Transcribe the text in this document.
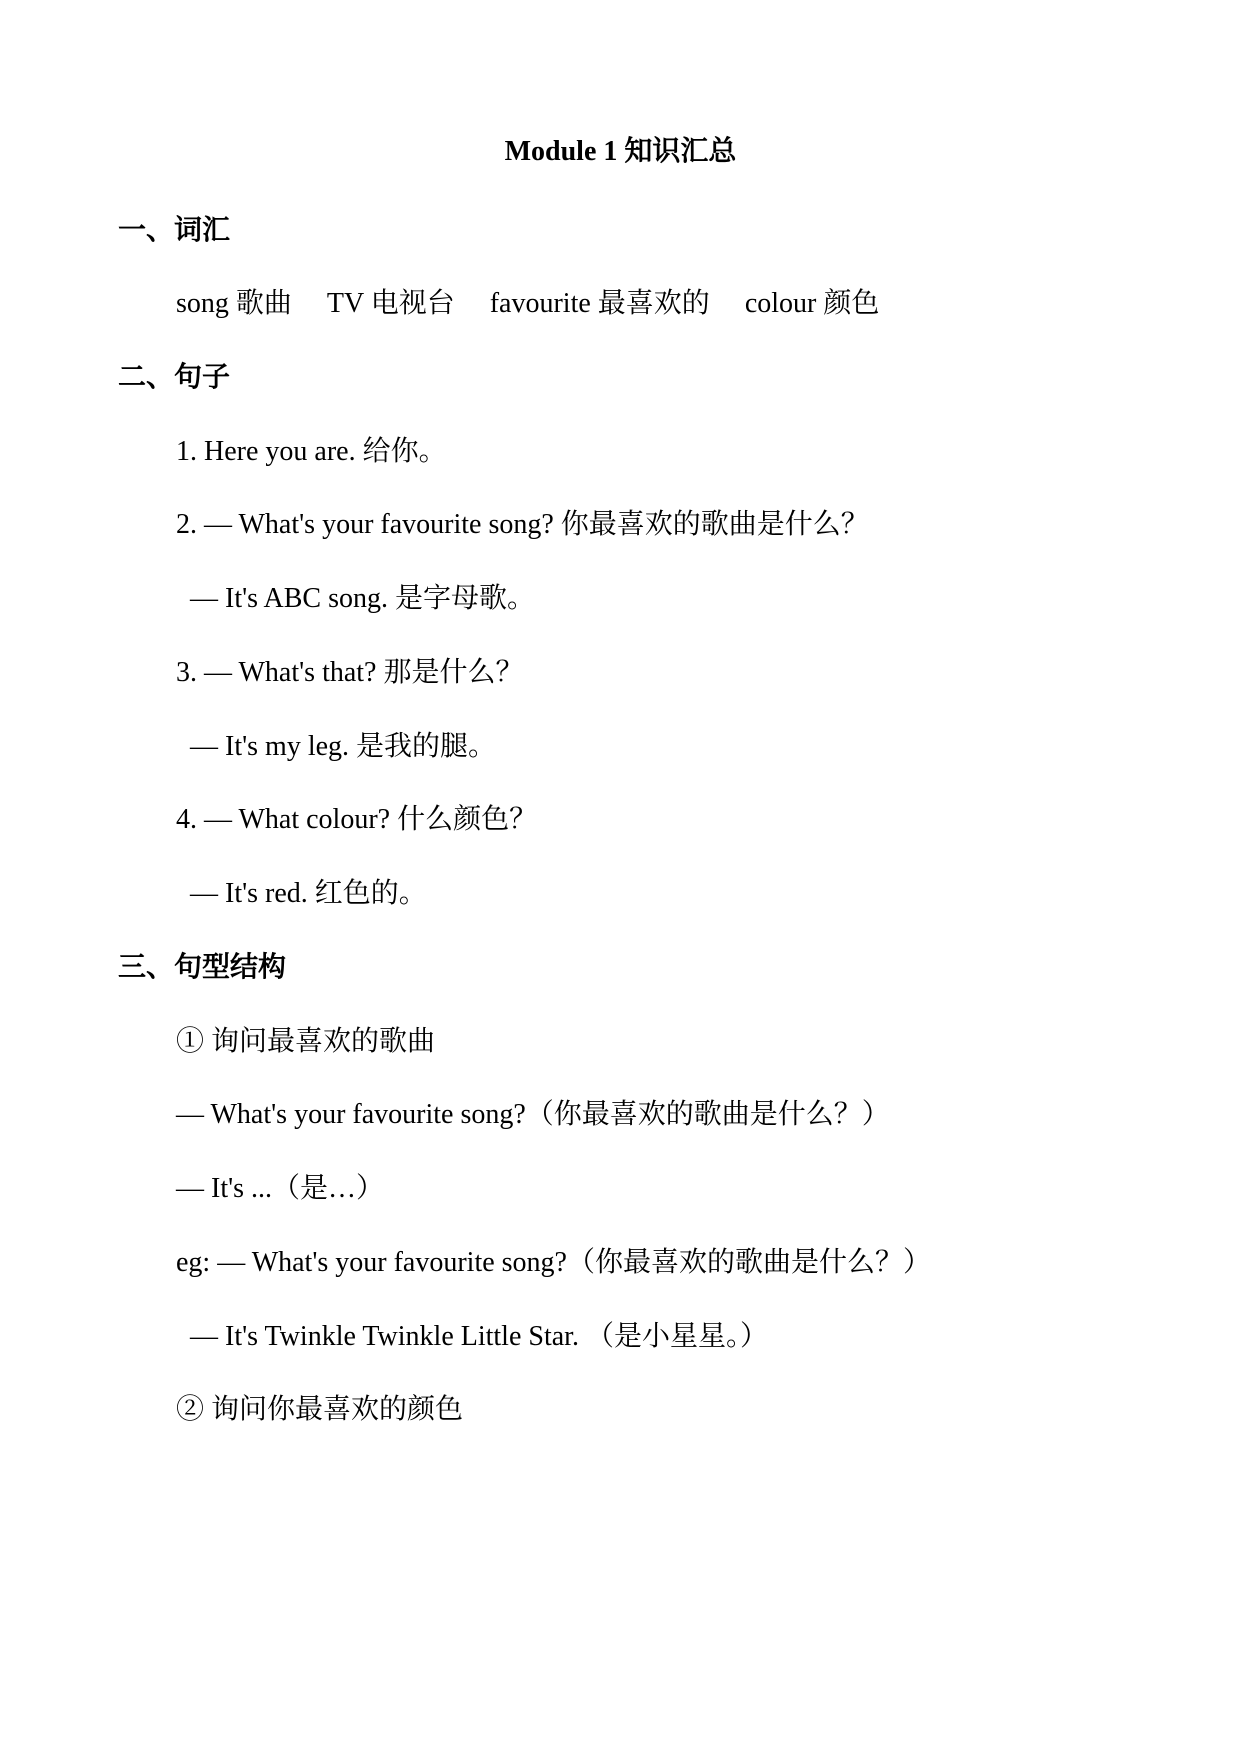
Module 1 知识汇总
一、词汇
song 歌曲 TV 电视台 favourite 最喜欢的 colour 颜色
二、句子
1. Here you are. 给你。
2. — What's your favourite song? 你最喜欢的歌曲是什么？
— It's ABC song. 是字母歌。
3. — What's that? 那是什么？
— It's my leg. 是我的腿。
4. — What colour? 什么颜色？
— It's red. 红色的。
三、句型结构
① 询问最喜欢的歌曲
— What's your favourite song?（你最喜欢的歌曲是什么？）
— It's ...（是…）
eg: — What's your favourite song?（你最喜欢的歌曲是什么？）
— It's Twinkle Twinkle Little Star. （是小星星。）
② 询问你最喜欢的颜色
